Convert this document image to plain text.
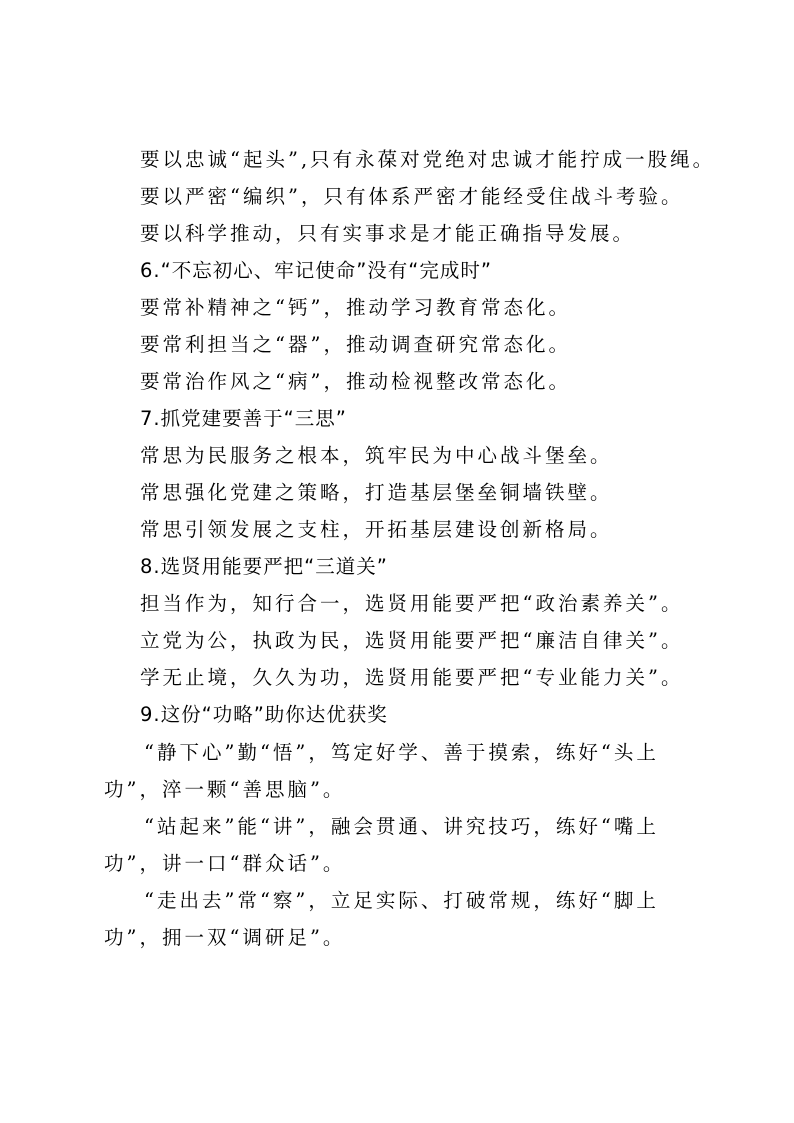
要以忠诚“起头”,只有永葆对党绝对忠诚才能拧成一股绳。
要以严密“编织”，只有体系严密才能经受住战斗考验。
要以科学推动，只有实事求是才能正确指导发展。
6.“不忘初心、牢记使命”没有“完成时”
要常补精神之“钙”，推动学习教育常态化。
要常利担当之“器”，推动调查研究常态化。
要常治作风之“病”，推动检视整改常态化。
7.抓党建要善于“三思”
常思为民服务之根本，筑牢民为中心战斗堡垒。
常思强化党建之策略，打造基层堡垒铜墙铁壁。
常思引领发展之支柱，开拓基层建设创新格局。
8.选贤用能要严把“三道关”
担当作为，知行合一，选贤用能要严把“政治素养关”。
立党为公，执政为民，选贤用能要严把“廉洁自律关”。
学无止境，久久为功，选贤用能要严把“专业能力关”。
9.这份“功略”助你达优获奖
“静下心”勤“悟”，笃定好学、善于摸索，练好“头上功”，淬一颗“善思脑”。
“站起来”能“讲”，融会贯通、讲究技巧，练好“嘴上功”，讲一口“群众话”。
“走出去”常“察”，立足实际、打破常规，练好“脚上功”，拥一双“调研足”。
